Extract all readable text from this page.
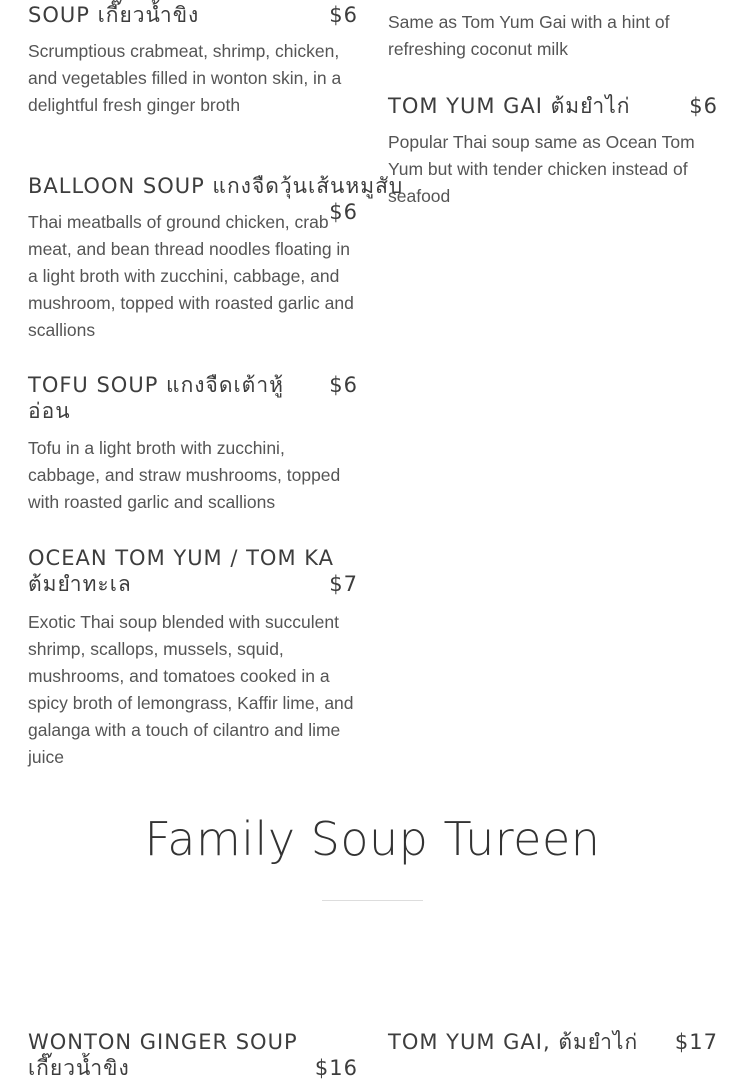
SOUP เกี๊ยวน้ำขิง	$6
Scrumptious crabmeat, shrimp, chicken, and vegetables filled in wonton skin, in a delightful fresh ginger broth
BALLOON SOUP แกงจืดวุ้นเส้นหมูสับ
$6
Thai meatballs of ground chicken, crab meat, and bean thread noodles floating in a light broth with zucchini, cabbage, and mushroom, topped with roasted garlic and scallions
TOFU SOUP แกงจืดเต้าหู้อ่อน
$6
Tofu in a light broth with zucchini, cabbage, and straw mushrooms, topped with roasted garlic and scallions
OCEAN TOM YUM / TOM KA ต้มยำทะเล	$7
Exotic Thai soup blended with succulent shrimp, scallops, mussels, squid, mushrooms, and tomatoes cooked in a spicy broth of lemongrass, Kaffir lime, and galanga with a touch of cilantro and lime juice
Same as Tom Yum Gai with a hint of refreshing coconut milk
TOM YUM GAI ต้มยำไก่	$6
Popular Thai soup same as Ocean Tom Yum but with tender chicken instead of seafood
Family Soup Tureen
WONTON GINGER SOUP เกี๊ยวน้ำขิง	$16
TOM YUM GAI, ต้มยำไก่	$17
